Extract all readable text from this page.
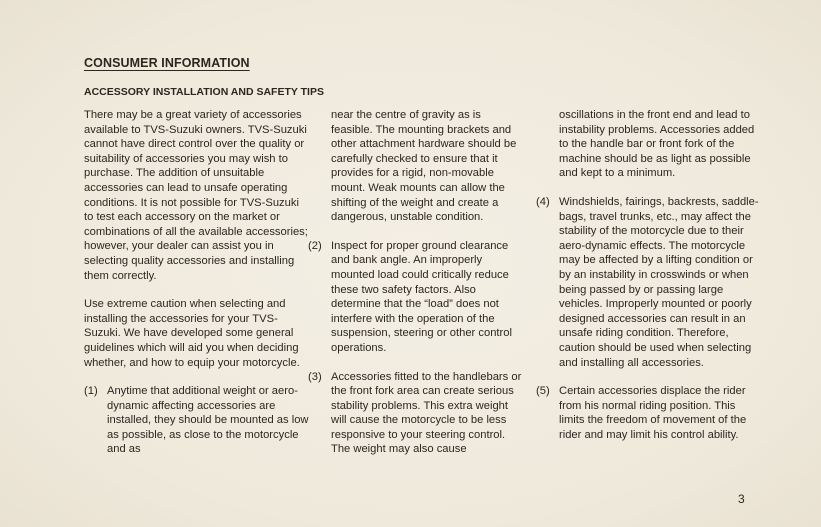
CONSUMER INFORMATION
ACCESSORY INSTALLATION AND SAFETY TIPS

There may be a great variety of accessories available to TVS-Suzuki owners. TVS-Suzuki cannot have direct control over the quality or suitability of accessories you may wish to purchase. The addition of unsuitable accessories can lead to unsafe operating conditions. It is not possible for TVS-Suzuki to test each accessory on the market or combinations of all the available accessories; however, your dealer can assist you in selecting quality accessories and installing them correctly.

Use extreme caution when selecting and installing the accessories for your TVS-Suzuki. We have developed some general guidelines which will aid you when deciding whether, and how to equip your motorcycle.

(1) Anytime that additional weight or aero-dynamic affecting accessories are installed, they should be mounted as low as possible, as close to the motorcycle and as
near the centre of gravity as is feasible. The mounting brackets and other attachment hardware should be carefully checked to ensure that it provides for a rigid, non-movable mount. Weak mounts can allow the shifting of the weight and create a dangerous, unstable condition.
(2) Inspect for proper ground clearance and bank angle. An improperly mounted load could critically reduce these two safety factors. Also determine that the “load” does not interfere with the operation of the suspension, steering or other control operations.
(3) Accessories fitted to the handlebars or the front fork area can create serious stability problems. This extra weight will cause the motorcycle to be less responsive to your steering control. The weight may also cause
oscillations in the front end and lead to instability problems. Accessories added to the handle bar or front fork of the machine should be as light as possible and kept to a minimum.
(4) Windshields, fairings, backrests, saddle-bags, travel trunks, etc., may affect the stability of the motorcycle due to their aero-dynamic effects. The motorcycle may be affected by a lifting condition or by an instability in crosswinds or when being passed by or passing large vehicles. Improperly mounted or poorly designed accessories can result in an unsafe riding condition. Therefore, caution should be used when selecting and installing all accessories.
(5) Certain accessories displace the rider from his normal riding position. This limits the freedom of movement of the rider and may limit his control ability.
3
